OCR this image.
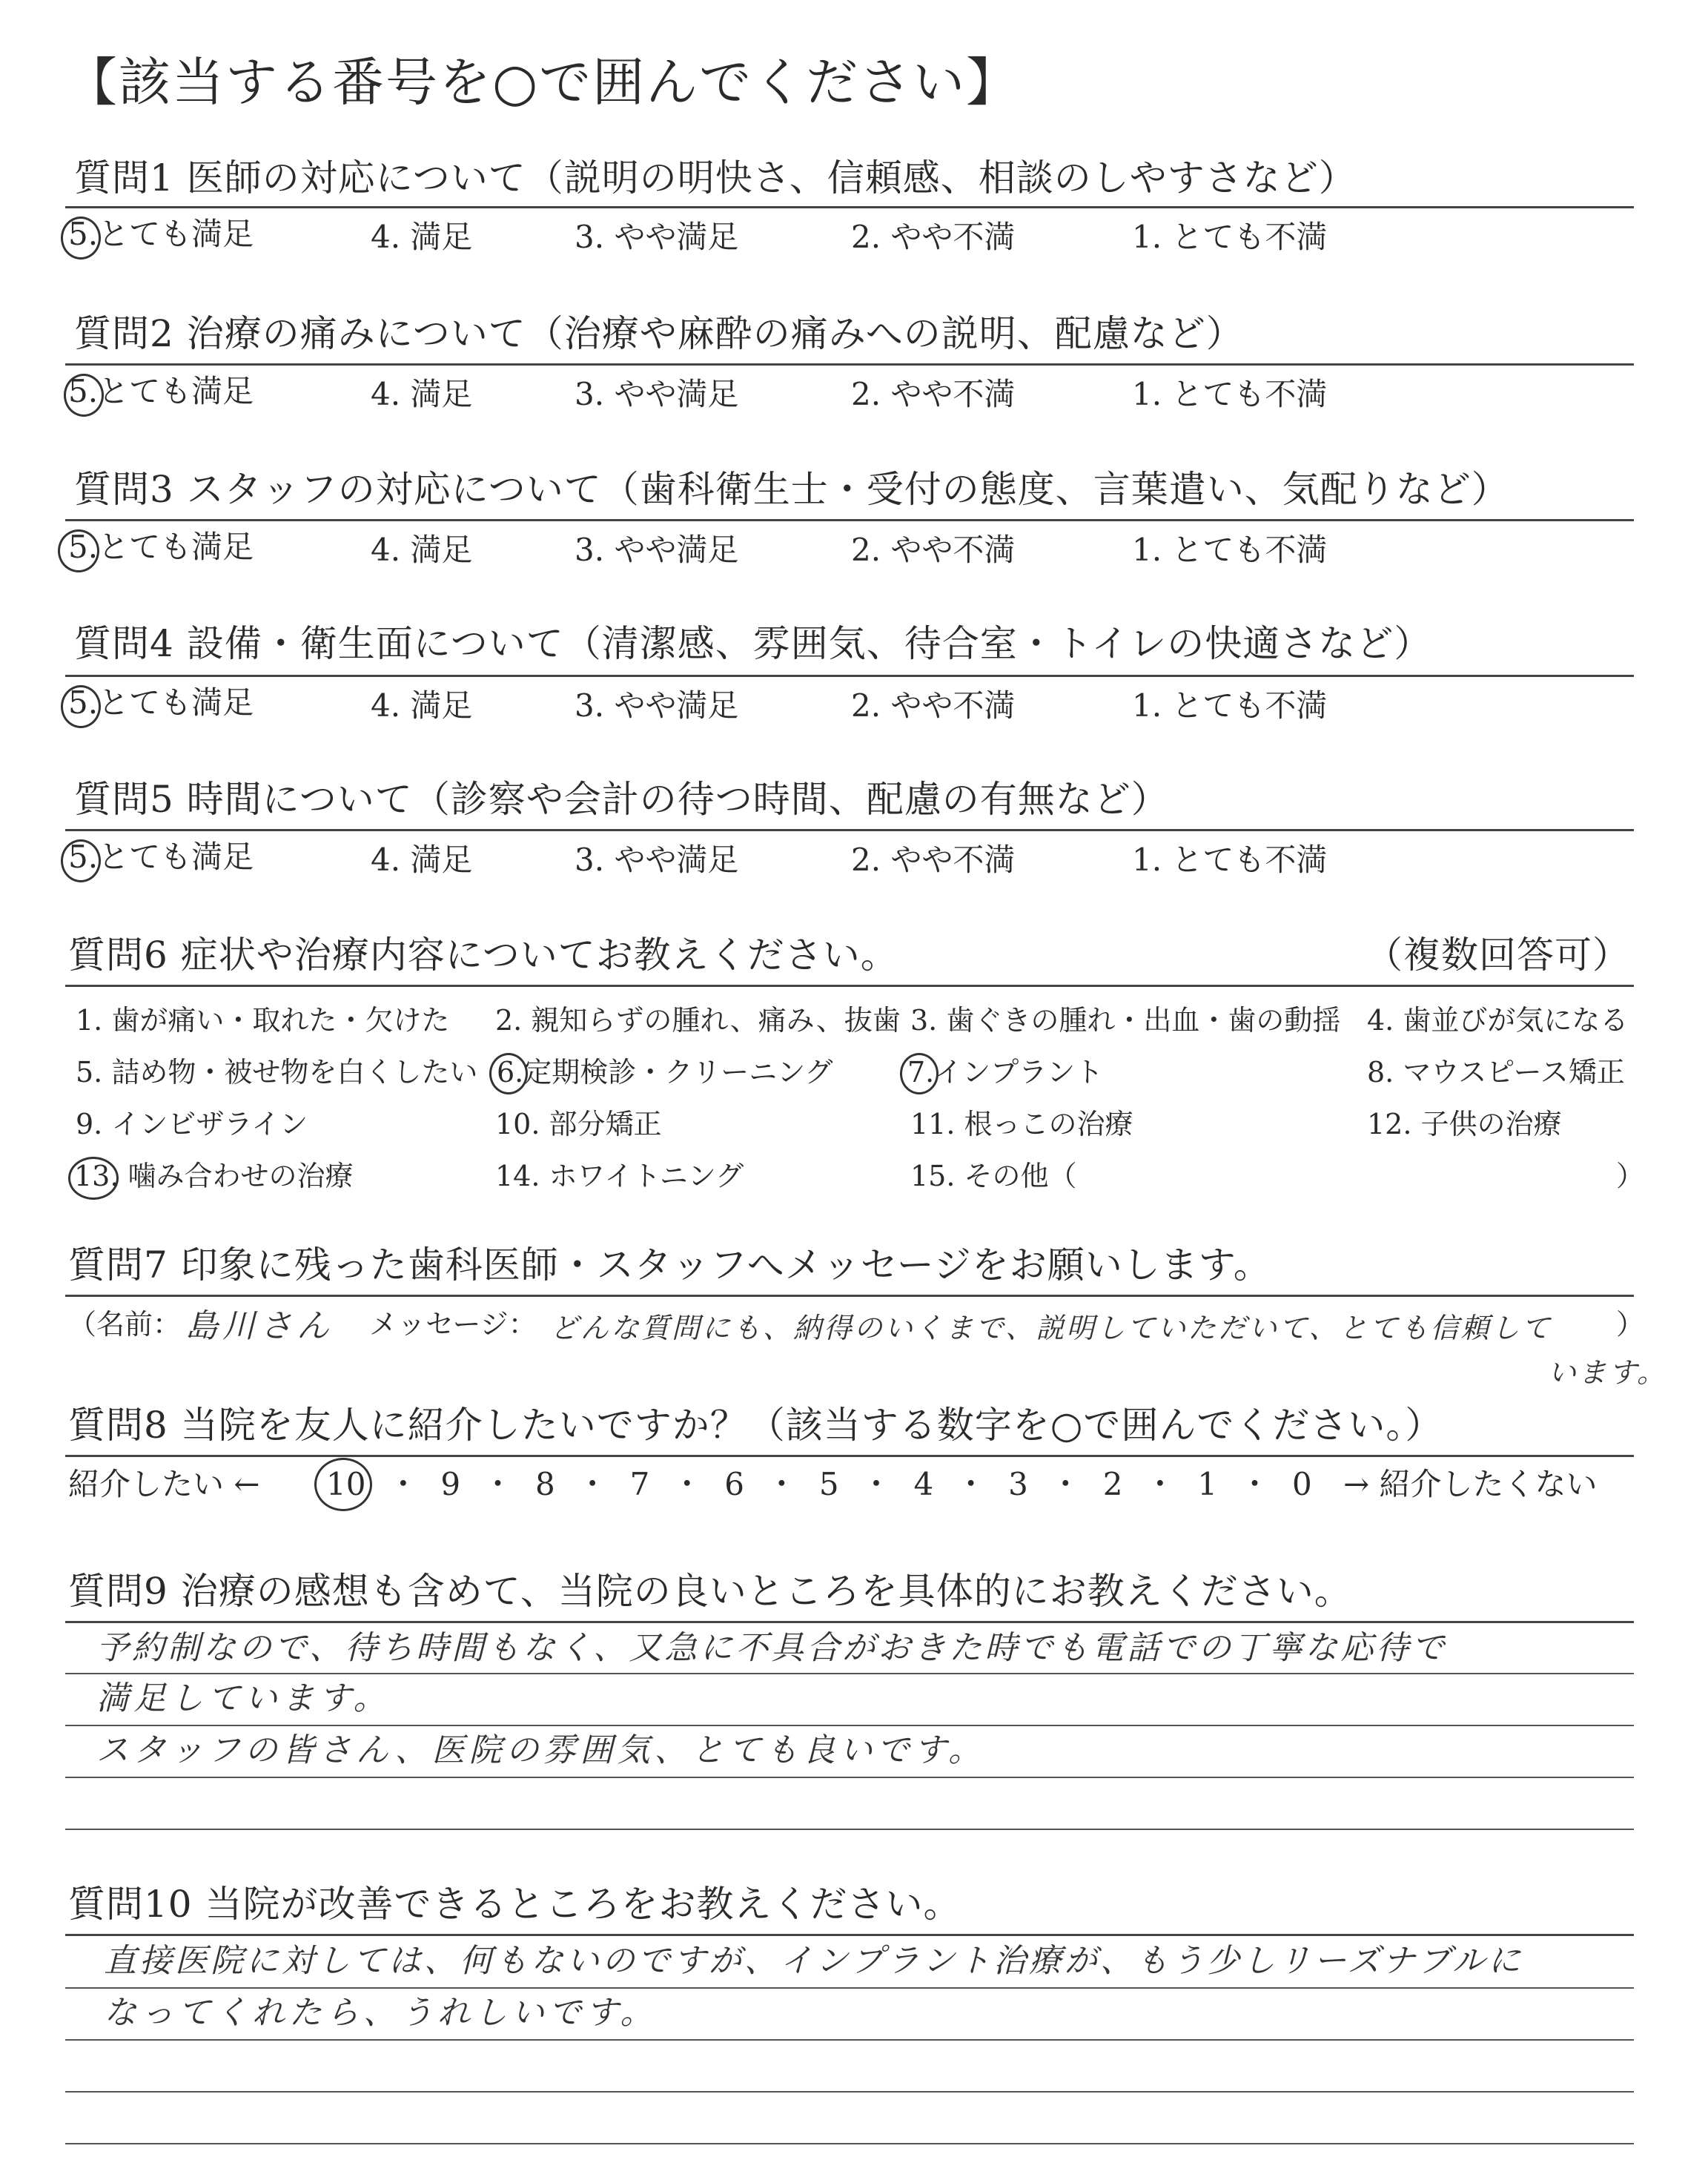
【該当する番号を○で囲んでください】
質問1 医師の対応について（説明の明快さ、信頼感、相談のしやすさなど）
5.とても満足	4. 満足	3. やや満足	2. やや不満	1. とても不満
質問2 治療の痛みについて（治療や麻酔の痛みへの説明、配慮など）
5.とても満足	4. 満足	3. やや満足	2. やや不満	1. とても不満
質問3 スタッフの対応について（歯科衛生士・受付の態度、言葉遣い、気配りなど）
5.とても満足	4. 満足	3. やや満足	2. やや不満	1. とても不満
質問4 設備・衛生面について（清潔感、雰囲気、待合室・トイレの快適さなど）
5.とても満足	4. 満足	3. やや満足	2. やや不満	1. とても不満
質問5 時間について（診察や会計の待つ時間、配慮の有無など）
5.とても満足	4. 満足	3. やや満足	2. やや不満	1. とても不満
質問6 症状や治療内容についてお教えください。	（複数回答可）
1. 歯が痛い・取れた・欠けた 2. 親知らずの腫れ、痛み、抜歯 3. 歯ぐきの腫れ・出血・歯の動揺 4. 歯並びが気になる
5. 詰め物・被せ物を白くしたい 6.定期検診・クリーニング	7.インプラント	8. マウスピース矯正
9. インビザライン	10. 部分矯正	11. 根っこの治療	12. 子供の治療
13. 噛み合わせの治療	14. ホワイトニング	15. その他（	）
質問7 印象に残った歯科医師・スタッフへメッセージをお願いします。
（名前： 島川さん メッセージ： どんな質問にも、納得のいくまで、説明していただいて、とても信頼して ）
います。
質問8 当院を友人に紹介したいですか？（該当する数字を○で囲んでください。）
紹介したい ← 10 ・ 9 ・ 8 ・ 7 ・ 6 ・ 5 ・ 4 ・ 3 ・ 2 ・ 1 ・ 0 → 紹介したくない
質問9 治療の感想も含めて、当院の良いところを具体的にお教えください。
予約制なので、待ち時間もなく、又急に不具合がおきた時でも電話での丁寧な応待で
満足しています。
スタッフの皆さん、医院の雰囲気、とても良いです。
質問10 当院が改善できるところをお教えください。
直接医院に対しては、何もないのですが、インプラント治療が、もう少しリーズナブルに
なってくれたら、うれしいです。
